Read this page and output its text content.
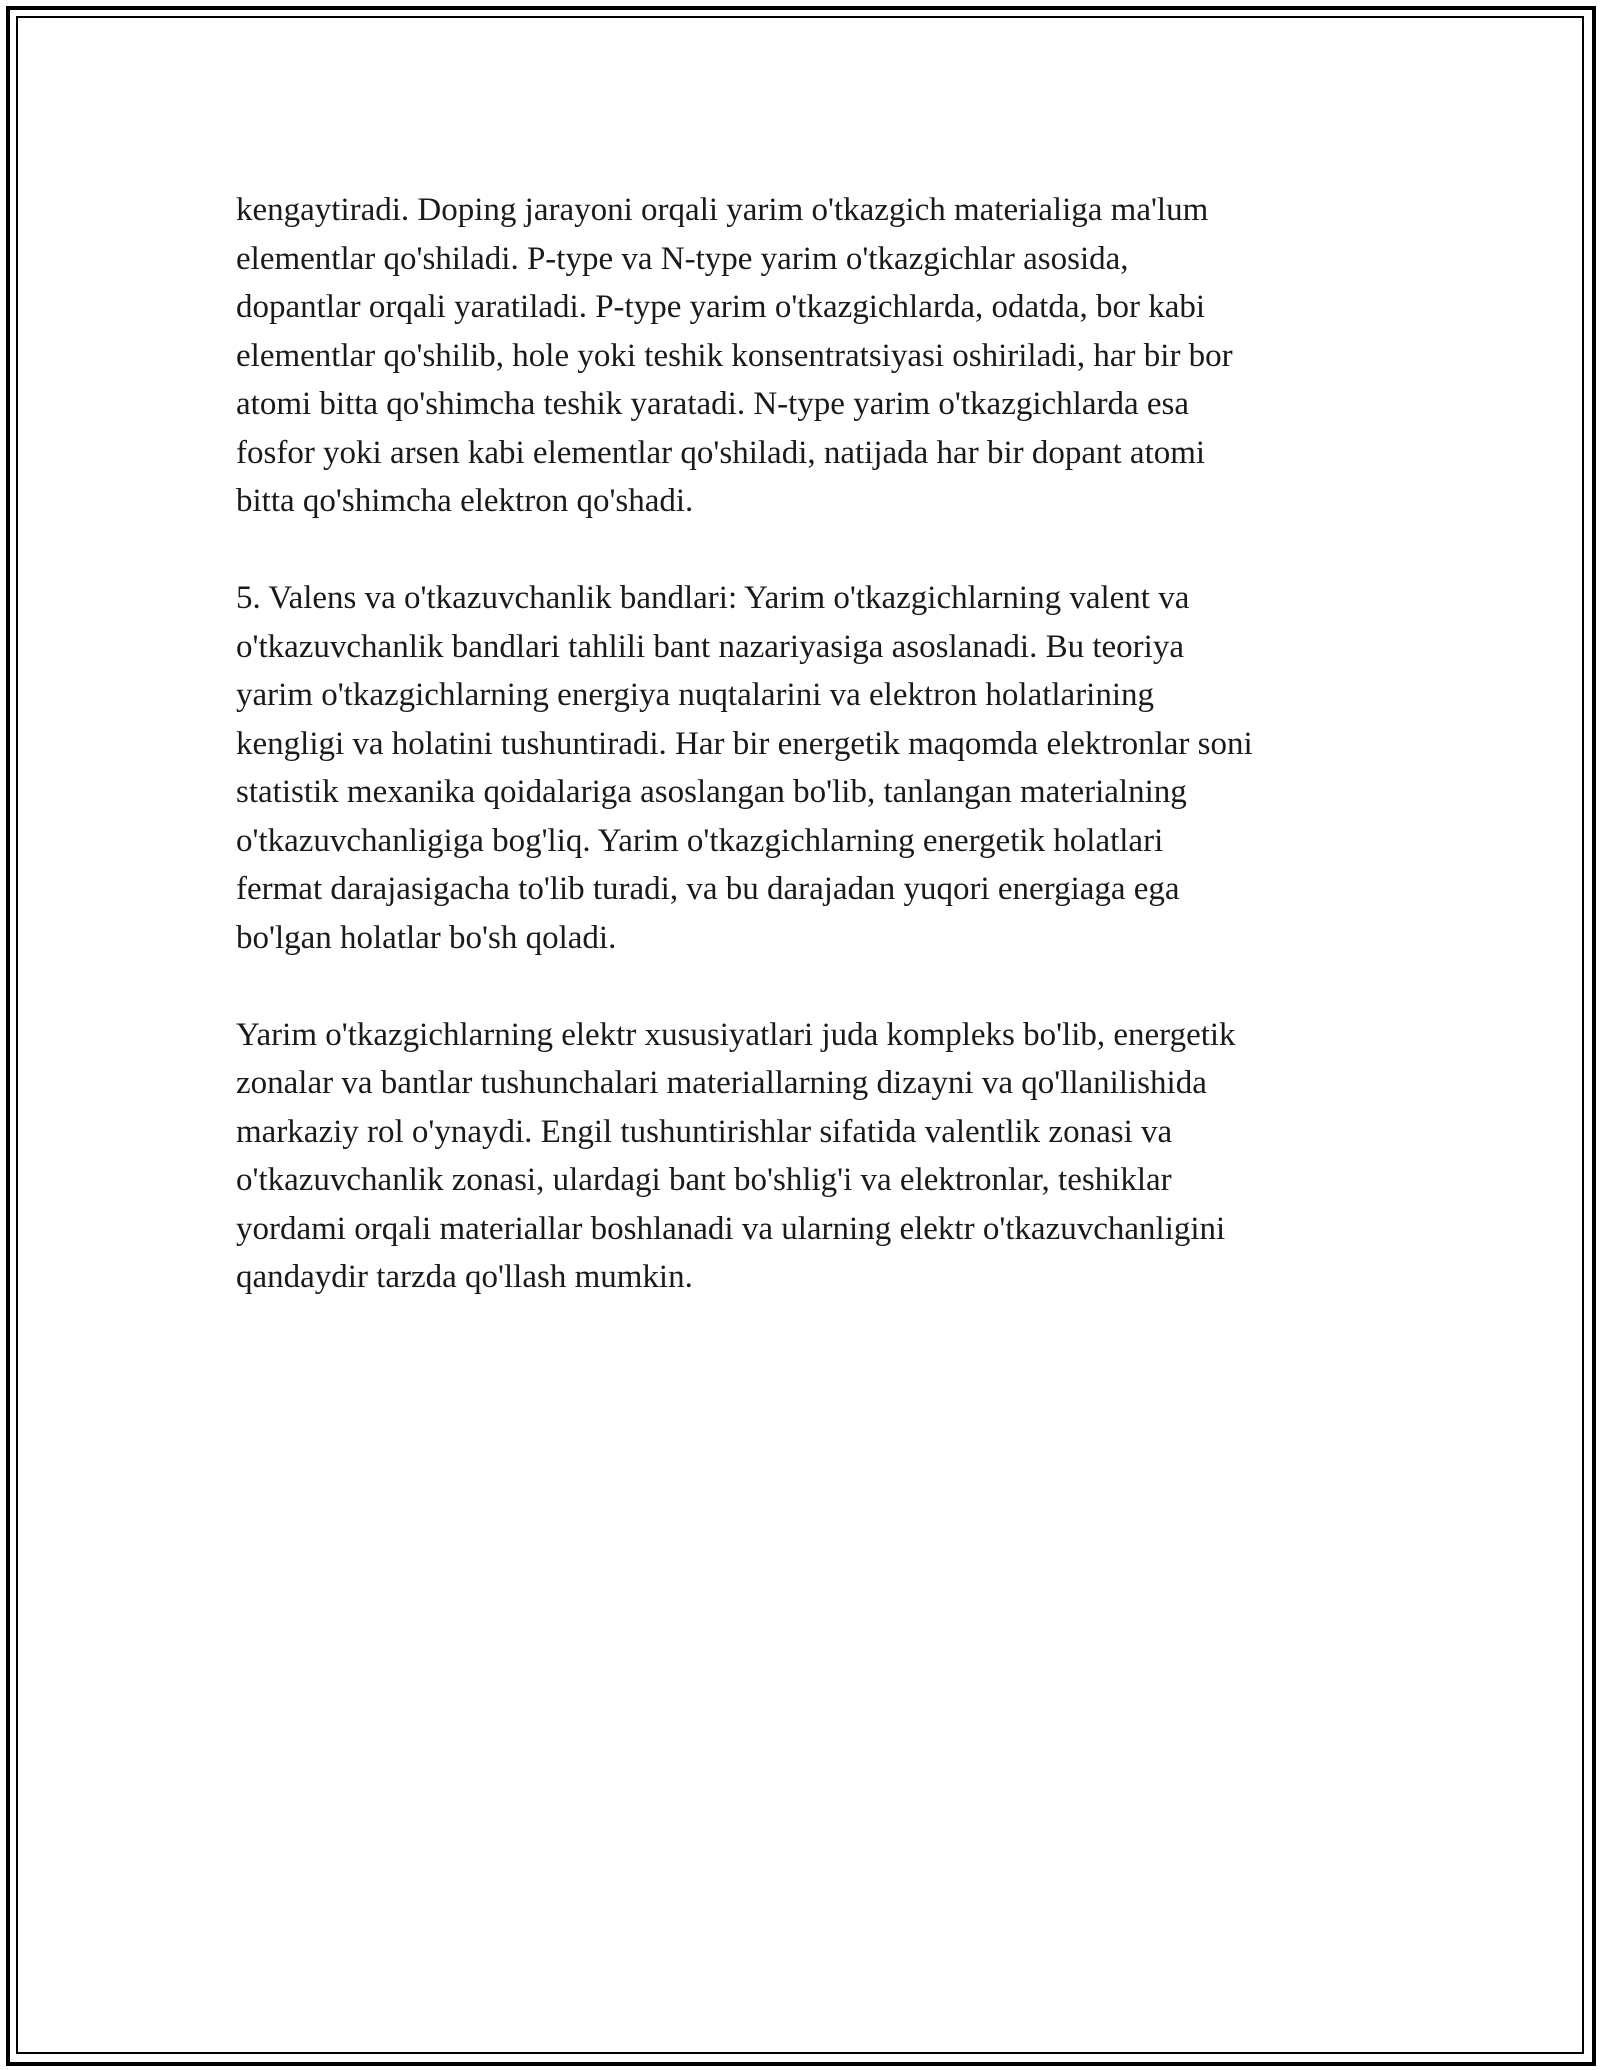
kengaytiradi. Doping jarayoni orqali yarim o'tkazgich materialiga ma'lum
elementlar qo'shiladi. P-type va N-type yarim o'tkazgichlar asosida,
dopantlar orqali yaratiladi. P-type yarim o'tkazgichlarda, odatda, bor kabi
elementlar qo'shilib, hole yoki teshik konsentratsiyasi oshiriladi, har bir bor
atomi bitta qo'shimcha teshik yaratadi. N-type yarim o'tkazgichlarda esa
fosfor yoki arsen kabi elementlar qo'shiladi, natijada har bir dopant atomi
bitta qo'shimcha elektron qo'shadi.

5. Valens va o'tkazuvchanlik bandlari: Yarim o'tkazgichlarning valent va
o'tkazuvchanlik bandlari tahlili bant nazariyasiga asoslanadi. Bu teoriya
yarim o'tkazgichlarning energiya nuqtalarini va elektron holatlarining
kengligi va holatini tushuntiradi. Har bir energetik maqomda elektronlar soni
statistik mexanika qoidalariga asoslangan bo'lib, tanlangan materialning
o'tkazuvchanligiga bog'liq. Yarim o'tkazgichlarning energetik holatlari
fermat darajasigacha to'lib turadi, va bu darajadan yuqori energiaga ega
bo'lgan holatlar bo'sh qoladi.

Yarim o'tkazgichlarning elektr xususiyatlari juda kompleks bo'lib, energetik
zonalar va bantlar tushunchalari materiallarning dizayni va qo'llanilishida
markaziy rol o'ynaydi. Engil tushuntirishlar sifatida valentlik zonasi va
o'tkazuvchanlik zonasi, ulardagi bant bo'shlig'i va elektronlar, teshiklar
yordami orqali materiallar boshlanadi va ularning elektr o'tkazuvchanligini
qandaydir tarzda qo'llash mumkin.
